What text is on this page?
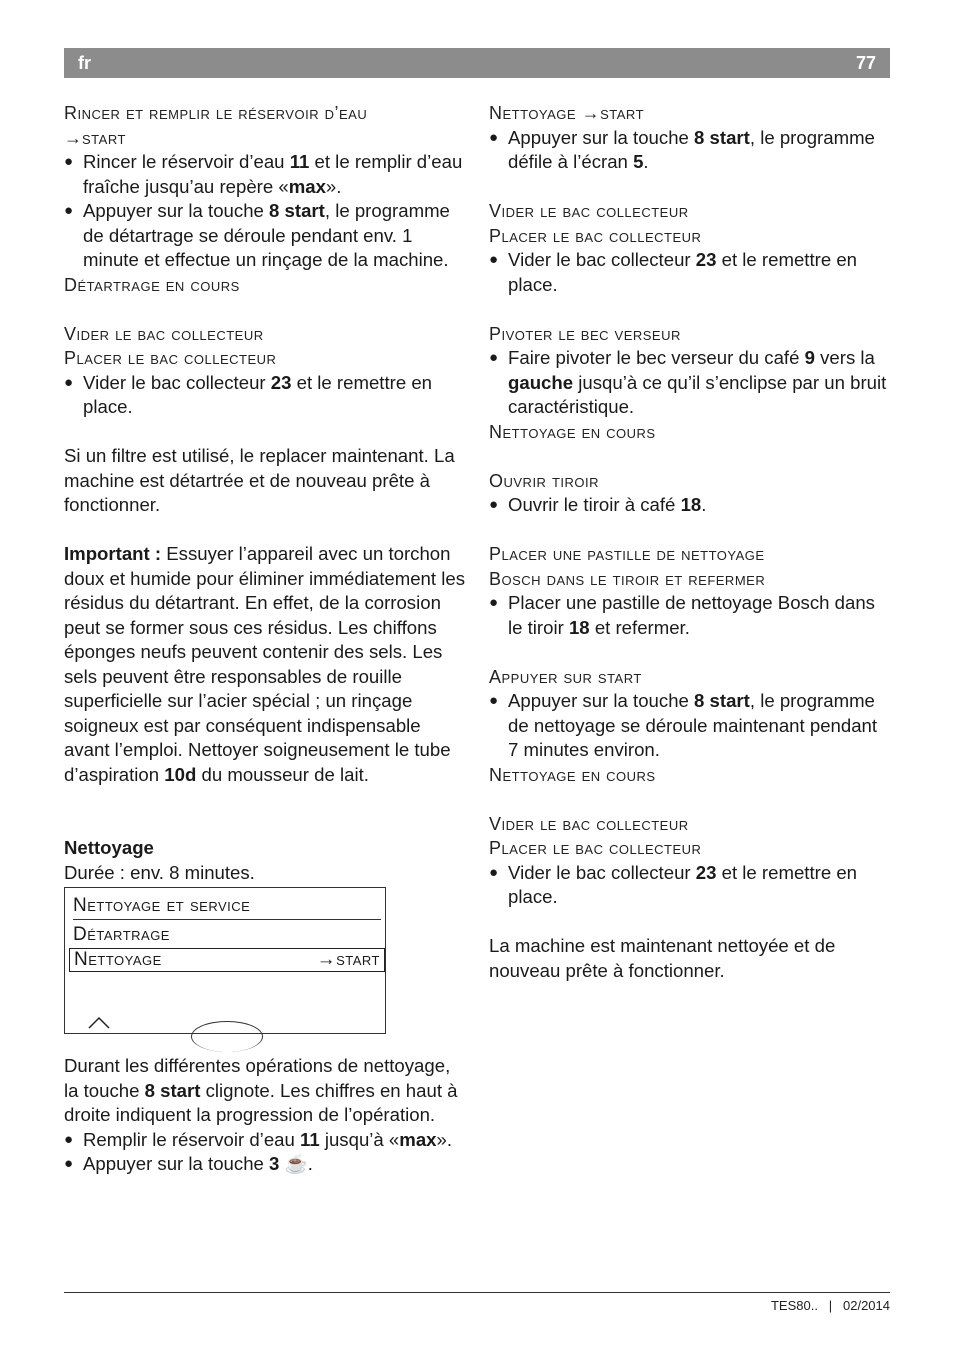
fr	77

Rincer et remplir le réservoir d’eau

→start

● Rincer le réservoir d’eau 11 et le remplir d’eau fraîche jusqu’au repère «max».

● Appuyer sur la touche 8 start, le programme de détartrage se déroule pendant env. 1 minute et effectue un rinçage de la machine.

Détartrage en cours

Vider le bac collecteur

Placer le bac collecteur

● Vider le bac collecteur 23 et le remettre en place.

Si un filtre est utilisé, le replacer maintenant. La machine est détartrée et de nouveau prête à fonctionner.

Important : Essuyer l’appareil avec un torchon doux et humide pour éliminer immédiatement les résidus du détartrant. En effet, de la corrosion peut se former sous ces résidus. Les chiffons éponges neufs peuvent contenir des sels. Les sels peuvent être responsables de rouille superficielle sur l’acier spécial ; un rinçage soigneux est par conséquent indispensable avant l’emploi. Nettoyer soigneusement le tube d’aspiration 10d du mousseur de lait.

Nettoyage

Durée : env. 8 minutes.

Nettoyage et service
Détartrage
Nettoyage	→start

Durant les différentes opérations de nettoyage, la touche 8 start clignote. Les chiffres en haut à droite indiquent la progression de l’opération.

● Remplir le réservoir d’eau 11 jusqu’à «max».

● Appuyer sur la touche 3 ☕.

Nettoyage →start

● Appuyer sur la touche 8 start, le programme défile à l’écran 5.

Vider le bac collecteur

Placer le bac collecteur

● Vider le bac collecteur 23 et le remettre en place.

Pivoter le bec verseur

● Faire pivoter le bec verseur du café 9 vers la gauche jusqu’à ce qu’il s’enclipse par un bruit caractéristique.

Nettoyage en cours

Ouvrir tiroir

● Ouvrir le tiroir à café 18.

Placer une pastille de nettoyage

Bosch dans le tiroir et refermer

● Placer une pastille de nettoyage Bosch dans le tiroir 18 et refermer.

Appuyer sur start

● Appuyer sur la touche 8 start, le programme de nettoyage se déroule maintenant pendant 7 minutes environ.

Nettoyage en cours

Vider le bac collecteur

Placer le bac collecteur

● Vider le bac collecteur 23 et le remettre en place.

La machine est maintenant nettoyée et de nouveau prête à fonctionner.

TES80..   |   02/2014
